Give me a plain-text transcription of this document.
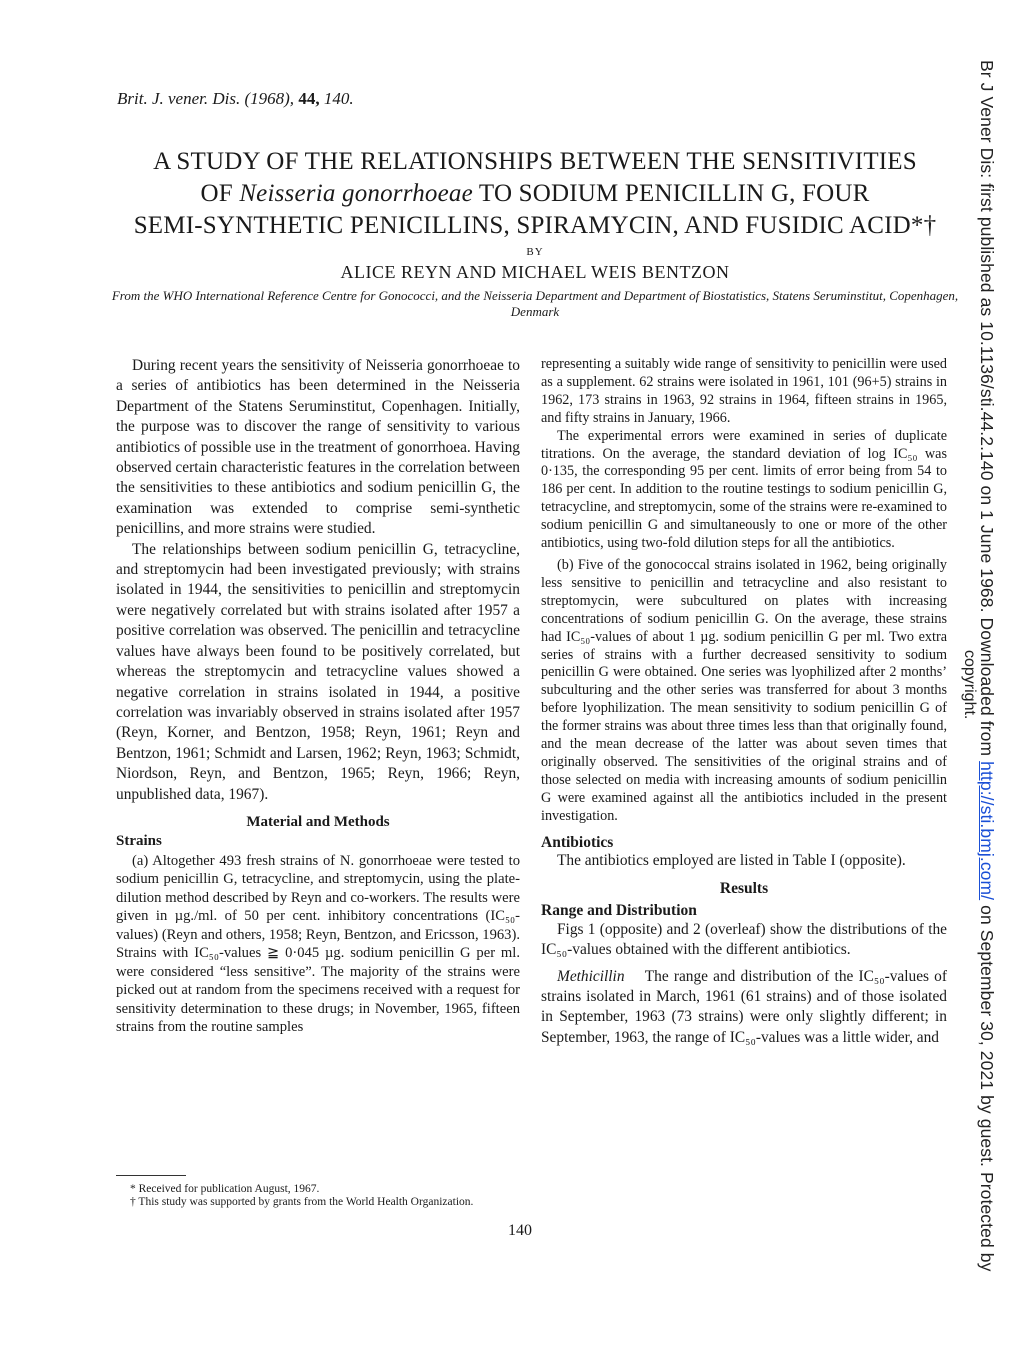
Brit. J. vener. Dis. (1968), 44, 140.
A STUDY OF THE RELATIONSHIPS BETWEEN THE SENSITIVITIES
OF Neisseria gonorrhoeae TO SODIUM PENICILLIN G, FOUR
SEMI-SYNTHETIC PENICILLINS, SPIRAMYCIN, AND FUSIDIC ACID*†
BY
ALICE REYN AND MICHAEL WEIS BENTZON
From the WHO International Reference Centre for Gonococci, and the Neisseria Department and Department of Biostatistics, Statens Seruminstitut, Copenhagen, Denmark

During recent years the sensitivity of Neisseria gonorrhoeae to a series of antibiotics has been determined in the Neisseria Department of the Statens Seruminstitut, Copenhagen. Initially, the purpose was to discover the range of sensitivity to various antibiotics of possible use in the treatment of gonorrhoea. Having observed certain characteristic features in the correlation between the sensitivities to these antibiotics and sodium penicillin G, the examination was extended to comprise semi-synthetic penicillins, and more strains were studied.

The relationships between sodium penicillin G, tetracycline, and streptomycin had been investigated previously; with strains isolated in 1944, the sensitivities to penicillin and streptomycin were negatively correlated but with strains isolated after 1957 a positive correlation was observed. The penicillin and tetracycline values have always been found to be positively correlated, but whereas the streptomycin and tetracycline values showed a negative correlation in strains isolated in 1944, a positive correlation was invariably observed in strains isolated after 1957 (Reyn, Korner, and Bentzon, 1958; Reyn, 1961; Reyn and Bentzon, 1961; Schmidt and Larsen, 1962; Reyn, 1963; Schmidt, Niordson, Reyn, and Bentzon, 1965; Reyn, 1966; Reyn, unpublished data, 1967).

Material and Methods
Strains

(a) Altogether 493 fresh strains of N. gonorrhoeae were tested to sodium penicillin G, tetracycline, and streptomycin, using the plate-dilution method described by Reyn and co-workers. The results were given in µg./ml. of 50 per cent. inhibitory concentrations (IC₅₀-values) (Reyn and others, 1958; Reyn, Bentzon, and Ericsson, 1963). Strains with IC₅₀-values ≧ 0·045 µg. sodium penicillin G per ml. were considered “less sensitive”. The majority of the strains were picked out at random from the specimens received with a request for sensitivity determination to these drugs; in November, 1965, fifteen strains from the routine samples

* Received for publication August, 1967.
† This study was supported by grants from the World Health Organization.

representing a suitably wide range of sensitivity to penicillin were used as a supplement. 62 strains were isolated in 1961, 101 (96+5) strains in 1962, 173 strains in 1963, 92 strains in 1964, fifteen strains in 1965, and fifty strains in January, 1966.

The experimental errors were examined in series of duplicate titrations. On the average, the standard deviation of log IC₅₀ was 0·135, the corresponding 95 per cent. limits of error being from 54 to 186 per cent. In addition to the routine testings to sodium penicillin G, tetracycline, and streptomycin, some of the strains were re-examined to sodium penicillin G and simultaneously to one or more of the other antibiotics, using two-fold dilution steps for all the antibiotics.

(b) Five of the gonococcal strains isolated in 1962, being originally less sensitive to penicillin and tetracycline and also resistant to streptomycin, were subcultured on plates with increasing concentrations of sodium penicillin G. On the average, these strains had IC₅₀-values of about 1 µg. sodium penicillin G per ml. Two extra series of strains with a further decreased sensitivity to sodium penicillin G were obtained. One series was lyophilized after 2 months’ subculturing and the other series was transferred for about 3 months before lyophilization. The mean sensitivity to sodium penicillin G of the former strains was about three times less than that originally found, and the mean decrease of the latter was about seven times that originally observed. The sensitivities of the original strains and of those selected on media with increasing amounts of sodium penicillin G were examined against all the antibiotics included in the present investigation.

Antibiotics

The antibiotics employed are listed in Table I (opposite).

Results
Range and Distribution

Figs 1 (opposite) and 2 (overleaf) show the distributions of the IC₅₀-values obtained with the different antibiotics.

Methicillin The range and distribution of the IC₅₀-values of strains isolated in March, 1961 (61 strains) and of those isolated in September, 1963 (73 strains) were only slightly different; in September, 1963, the range of IC₅₀-values was a little wider, and

140
Br J Vener Dis: first published as 10.1136/sti.44.2.140 on 1 June 1968. Downloaded from http://sti.bmj.com/ on September 30, 2021 by guest. Protected by
copyright.
